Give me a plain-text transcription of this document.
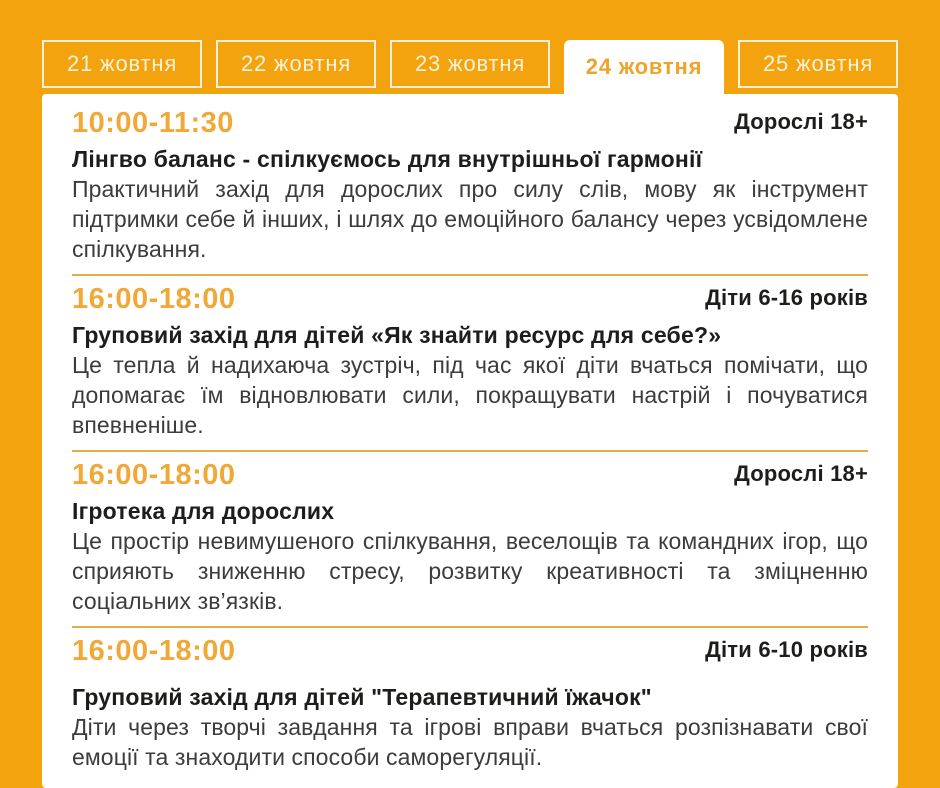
21 жовтня	22 жовтня	23 жовтня	24 жовтня	25 жовтня
10:00-11:30	Дорослі 18+
Лінгво баланс - спілкуємось для внутрішньої гармонії
Практичний захід для дорослих про силу слів, мову як інструмент підтримки себе й інших, і шлях до емоційного балансу через усвідомлене спілкування.
16:00-18:00	Діти 6-16 років
Груповий захід для дітей «Як знайти ресурс для себе?»
Це тепла й надихаюча зустріч, під час якої діти вчаться помічати, що допомагає їм відновлювати сили, покращувати настрій і почуватися впевненіше.
16:00-18:00	Дорослі 18+
Ігротека для дорослих
Це простір невимушеного спілкування, веселощів та командних ігор, що сприяють зниженню стресу, розвитку креативності та зміцненню соціальних зв’язків.
16:00-18:00	Діти 6-10 років
Груповий захід для дітей "Терапевтичний їжачок"
Діти через творчі завдання та ігрові вправи вчаться розпізнавати свої емоції та знаходити способи саморегуляції.
